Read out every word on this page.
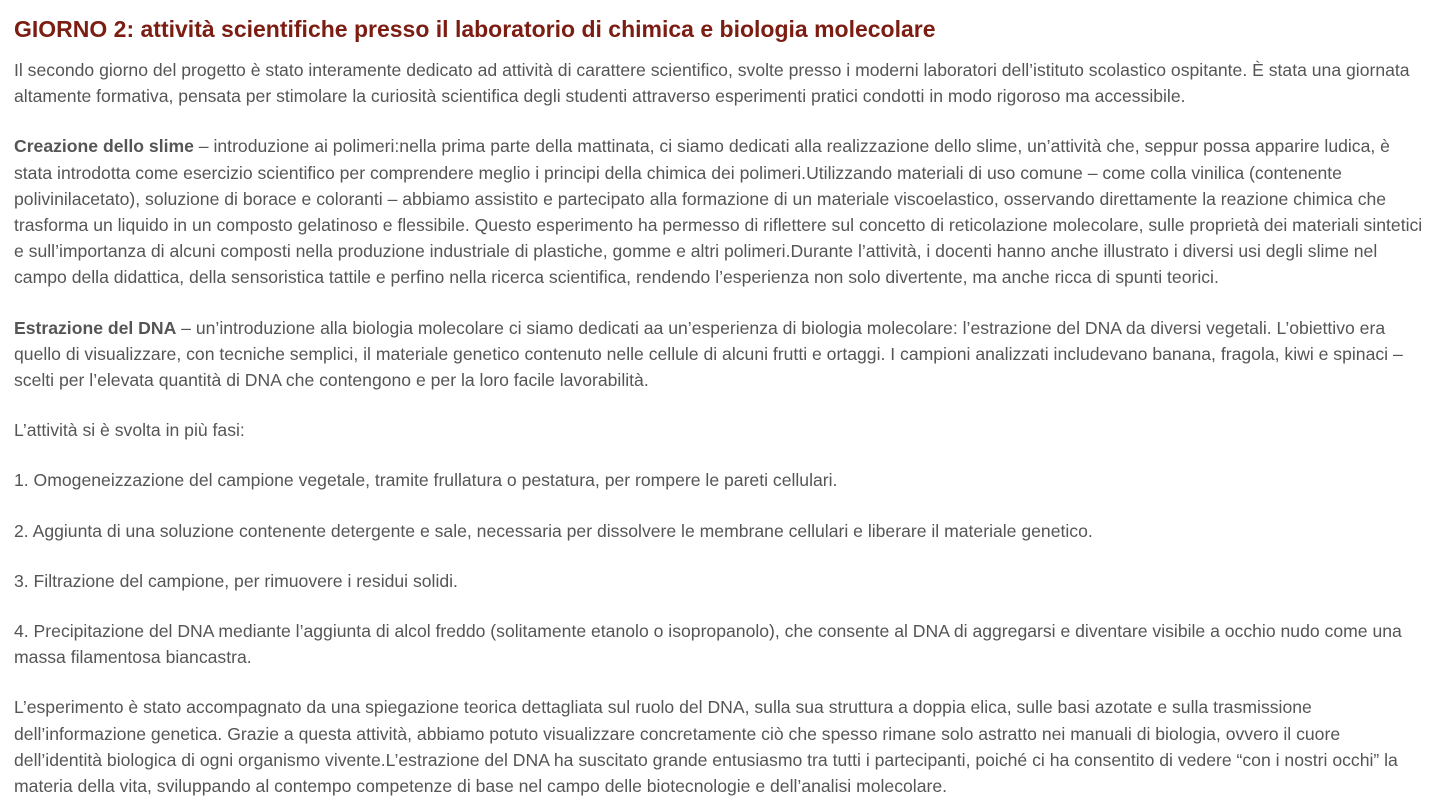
GIORNO 2: attività scientifiche presso il laboratorio di chimica e biologia molecolare

Il secondo giorno del progetto è stato interamente dedicato ad attività di carattere scientifico, svolte presso i moderni laboratori dell’istituto scolastico ospitante. È stata una giornata altamente formativa, pensata per stimolare la curiosità scientifica degli studenti attraverso esperimenti pratici condotti in modo rigoroso ma accessibile.

Creazione dello slime – introduzione ai polimeri:nella prima parte della mattinata, ci siamo dedicati alla realizzazione dello slime, un’attività che, seppur possa apparire ludica, è stata introdotta come esercizio scientifico per comprendere meglio i principi della chimica dei polimeri.Utilizzando materiali di uso comune – come colla vinilica (contenente polivinilacetato), soluzione di borace e coloranti – abbiamo assistito e partecipato alla formazione di un materiale viscoelastico, osservando direttamente la reazione chimica che trasforma un liquido in un composto gelatinoso e flessibile. Questo esperimento ha permesso di riflettere sul concetto di reticolazione molecolare, sulle proprietà dei materiali sintetici e sull’importanza di alcuni composti nella produzione industriale di plastiche, gomme e altri polimeri.Durante l’attività, i docenti hanno anche illustrato i diversi usi degli slime nel campo della didattica, della sensoristica tattile e perfino nella ricerca scientifica, rendendo l’esperienza non solo divertente, ma anche ricca di spunti teorici.

Estrazione del DNA – un’introduzione alla biologia molecolare ci siamo dedicati aa un’esperienza di biologia molecolare: l’estrazione del DNA da diversi vegetali. L’obiettivo era quello di visualizzare, con tecniche semplici, il materiale genetico contenuto nelle cellule di alcuni frutti e ortaggi. I campioni analizzati includevano banana, fragola, kiwi e spinaci – scelti per l’elevata quantità di DNA che contengono e per la loro facile lavorabilità.

L’attività si è svolta in più fasi:

1. Omogeneizzazione del campione vegetale, tramite frullatura o pestatura, per rompere le pareti cellulari.

2. Aggiunta di una soluzione contenente detergente e sale, necessaria per dissolvere le membrane cellulari e liberare il materiale genetico.

3. Filtrazione del campione, per rimuovere i residui solidi.

4. Precipitazione del DNA mediante l’aggiunta di alcol freddo (solitamente etanolo o isopropanolo), che consente al DNA di aggregarsi e diventare visibile a occhio nudo come una massa filamentosa biancastra.

L’esperimento è stato accompagnato da una spiegazione teorica dettagliata sul ruolo del DNA, sulla sua struttura a doppia elica, sulle basi azotate e sulla trasmissione dell’informazione genetica. Grazie a questa attività, abbiamo potuto visualizzare concretamente ciò che spesso rimane solo astratto nei manuali di biologia, ovvero il cuore dell’identità biologica di ogni organismo vivente.L’estrazione del DNA ha suscitato grande entusiasmo tra tutti i partecipanti, poiché ci ha consentito di vedere “con i nostri occhi” la materia della vita, sviluppando al contempo competenze di base nel campo delle biotecnologie e dell’analisi molecolare.
